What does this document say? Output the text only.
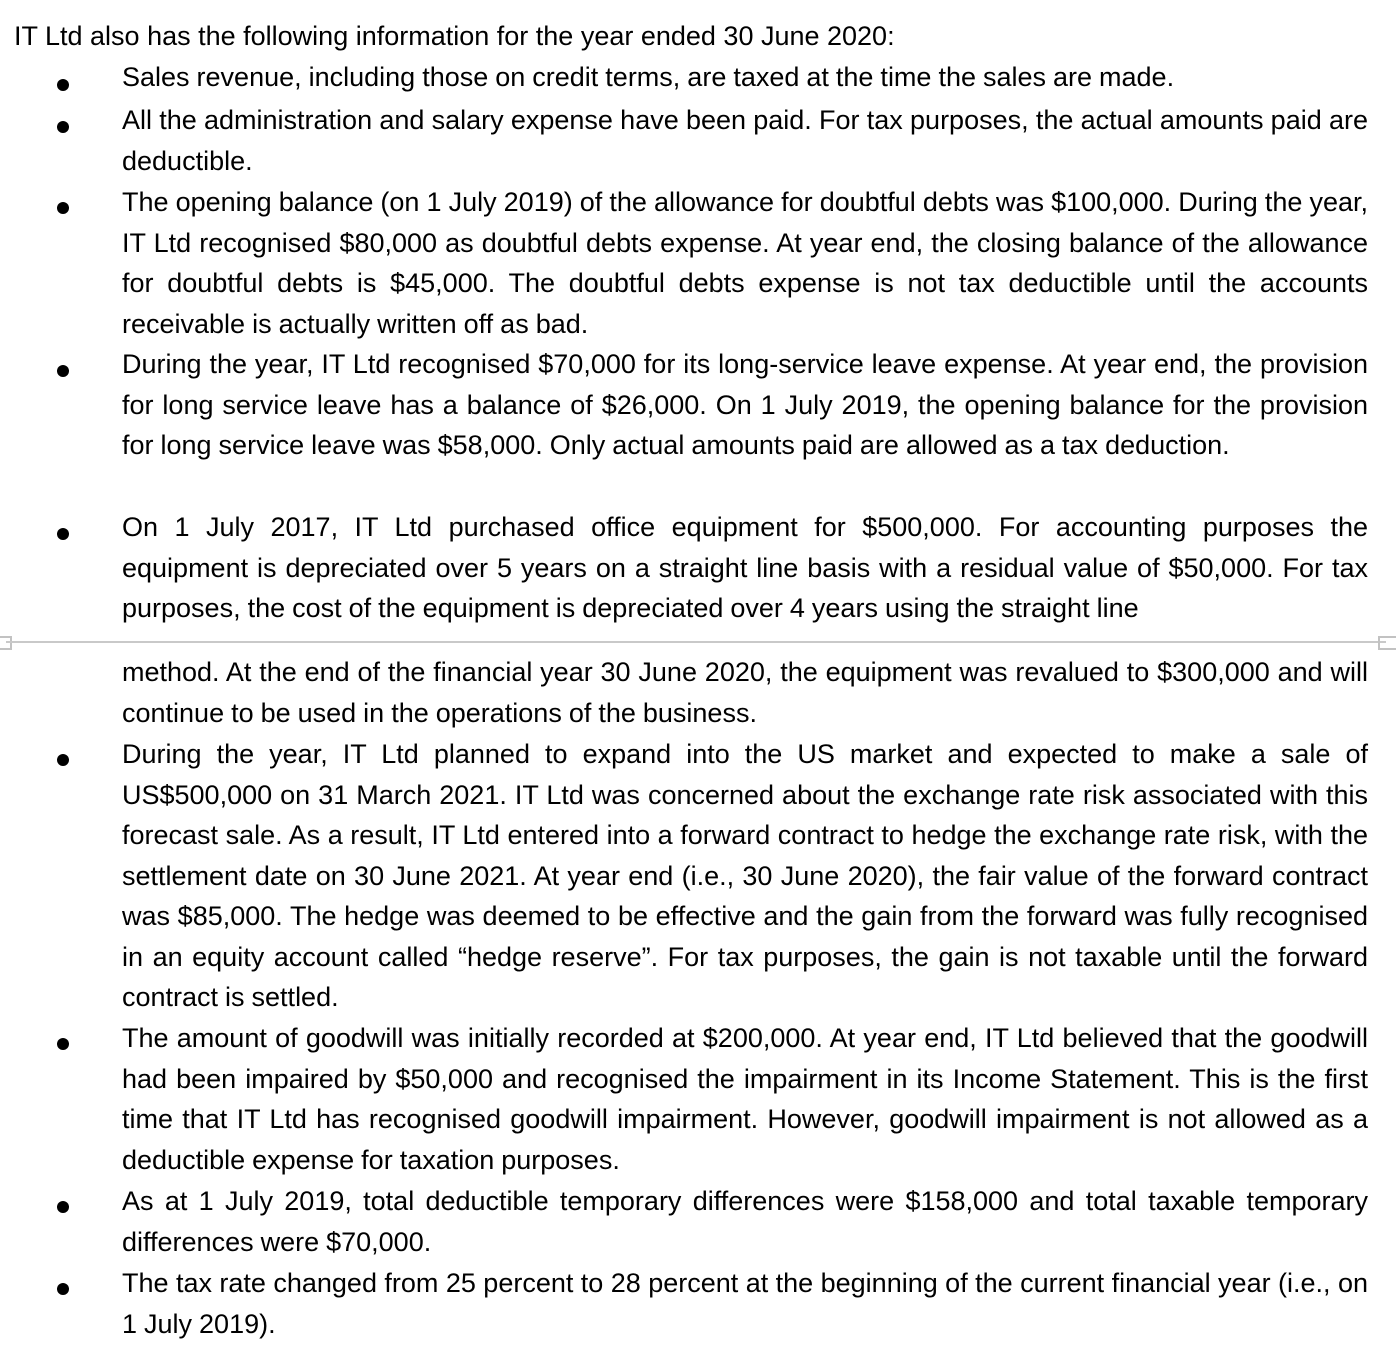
IT Ltd also has the following information for the year ended 30 June 2020:
Sales revenue, including those on credit terms, are taxed at the time the sales are made.
All the administration and salary expense have been paid. For tax purposes, the actual amounts paid are deductible.
The opening balance (on 1 July 2019) of the allowance for doubtful debts was $100,000. During the year, IT Ltd recognised $80,000 as doubtful debts expense. At year end, the closing balance of the allowance for doubtful debts is $45,000. The doubtful debts expense is not tax deductible until the accounts receivable is actually written off as bad.
During the year, IT Ltd recognised $70,000 for its long-service leave expense. At year end, the provision for long service leave has a balance of $26,000. On 1 July 2019, the opening balance for the provision for long service leave was $58,000. Only actual amounts paid are allowed as a tax deduction.
On 1 July 2017, IT Ltd purchased office equipment for $500,000. For accounting purposes the equipment is depreciated over 5 years on a straight line basis with a residual value of $50,000. For tax purposes, the cost of the equipment is depreciated over 4 years using the straight line
method. At the end of the financial year 30 June 2020, the equipment was revalued to $300,000 and will continue to be used in the operations of the business.
During the year, IT Ltd planned to expand into the US market and expected to make a sale of US$500,000 on 31 March 2021. IT Ltd was concerned about the exchange rate risk associated with this forecast sale. As a result, IT Ltd entered into a forward contract to hedge the exchange rate risk, with the settlement date on 30 June 2021. At year end (i.e., 30 June 2020), the fair value of the forward contract was $85,000. The hedge was deemed to be effective and the gain from the forward was fully recognised in an equity account called “hedge reserve”. For tax purposes, the gain is not taxable until the forward contract is settled.
The amount of goodwill was initially recorded at $200,000. At year end, IT Ltd believed that the goodwill had been impaired by $50,000 and recognised the impairment in its Income Statement. This is the first time that IT Ltd has recognised goodwill impairment. However, goodwill impairment is not allowed as a deductible expense for taxation purposes.
As at 1 July 2019, total deductible temporary differences were $158,000 and total taxable temporary differences were $70,000.
The tax rate changed from 25 percent to 28 percent at the beginning of the current financial year (i.e., on 1 July 2019).
